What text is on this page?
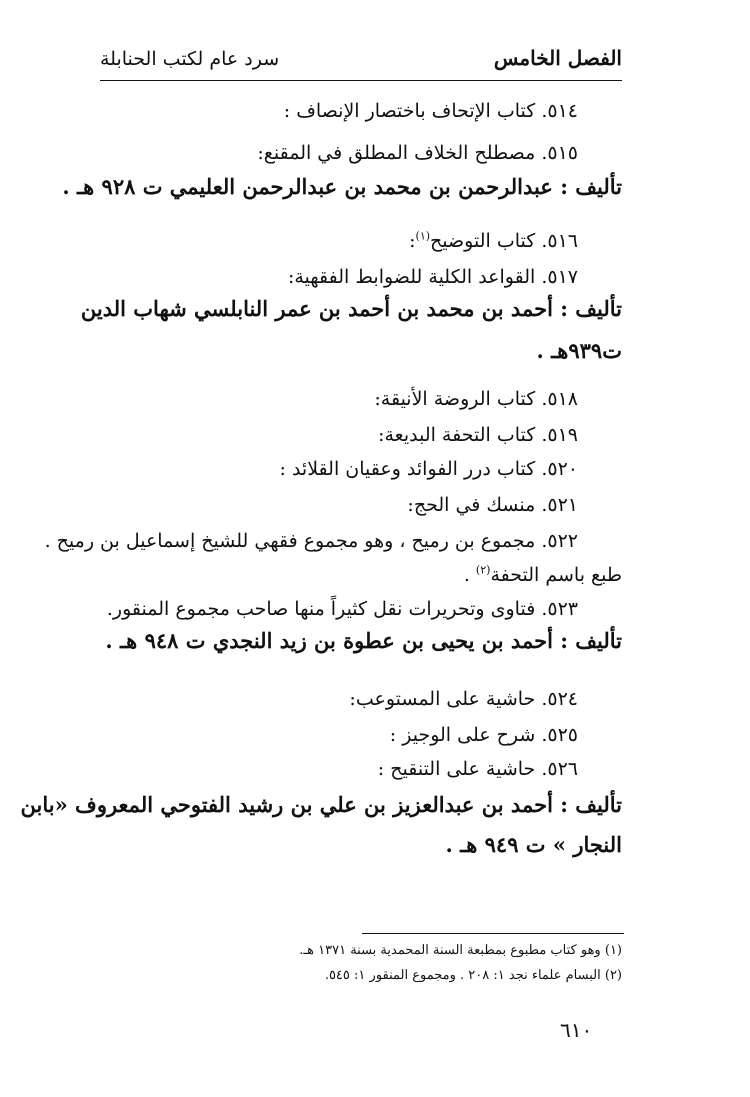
الفصل الخامس
سرد عام لكتب الحنابلة
٥١٤. كتاب الإتحاف باختصار الإنصاف :
٥١٥. مصطلح الخلاف المطلق في المقنع:
تأليف : عبدالرحمن بن محمد بن عبدالرحمن العليمي ت ٩٢٨ هـ .
٥١٦. كتاب التوضيح$^{(١)}$:
٥١٧. القواعد الكلية للضوابط الفقهية:
تأليف : أحمد بن محمد بن أحمد بن عمر النابلسي شهاب الدين
ت٩٣٩هـ .
٥١٨. كتاب الروضة الأنيقة:
٥١٩. كتاب التحفة البديعة:
٥٢٠. كتاب درر الفوائد وعقيان القلائد :
٥٢١. منسك في الحج:
٥٢٢. مجموع بن رميح ، وهو مجموع فقهي للشيخ إسماعيل بن رميح .
طبع باسم التحفة$^{(٢)}$ .
٥٢٣. فتاوى وتحريرات نقل كثيراً منها صاحب مجموع المنقور.
تأليف : أحمد بن يحيى بن عطوة بن زيد النجدي ت ٩٤٨ هـ .
٥٢٤. حاشية على المستوعب:
٥٢٥. شرح على الوجيز :
٥٢٦. حاشية على التنقيح :
تأليف : أحمد بن عبدالعزيز بن علي بن رشيد الفتوحي المعروف «بابن
النجار » ت ٩٤٩ هـ .
(١) وهو كتاب مطبوع بمطبعة السنة المحمدية بسنة ١٣٧١ هـ.
(٢) البسام علماء نجد ١: ٢٠٨ . ومجموع المنقور ١: ٥٤٥.
٦١٠
